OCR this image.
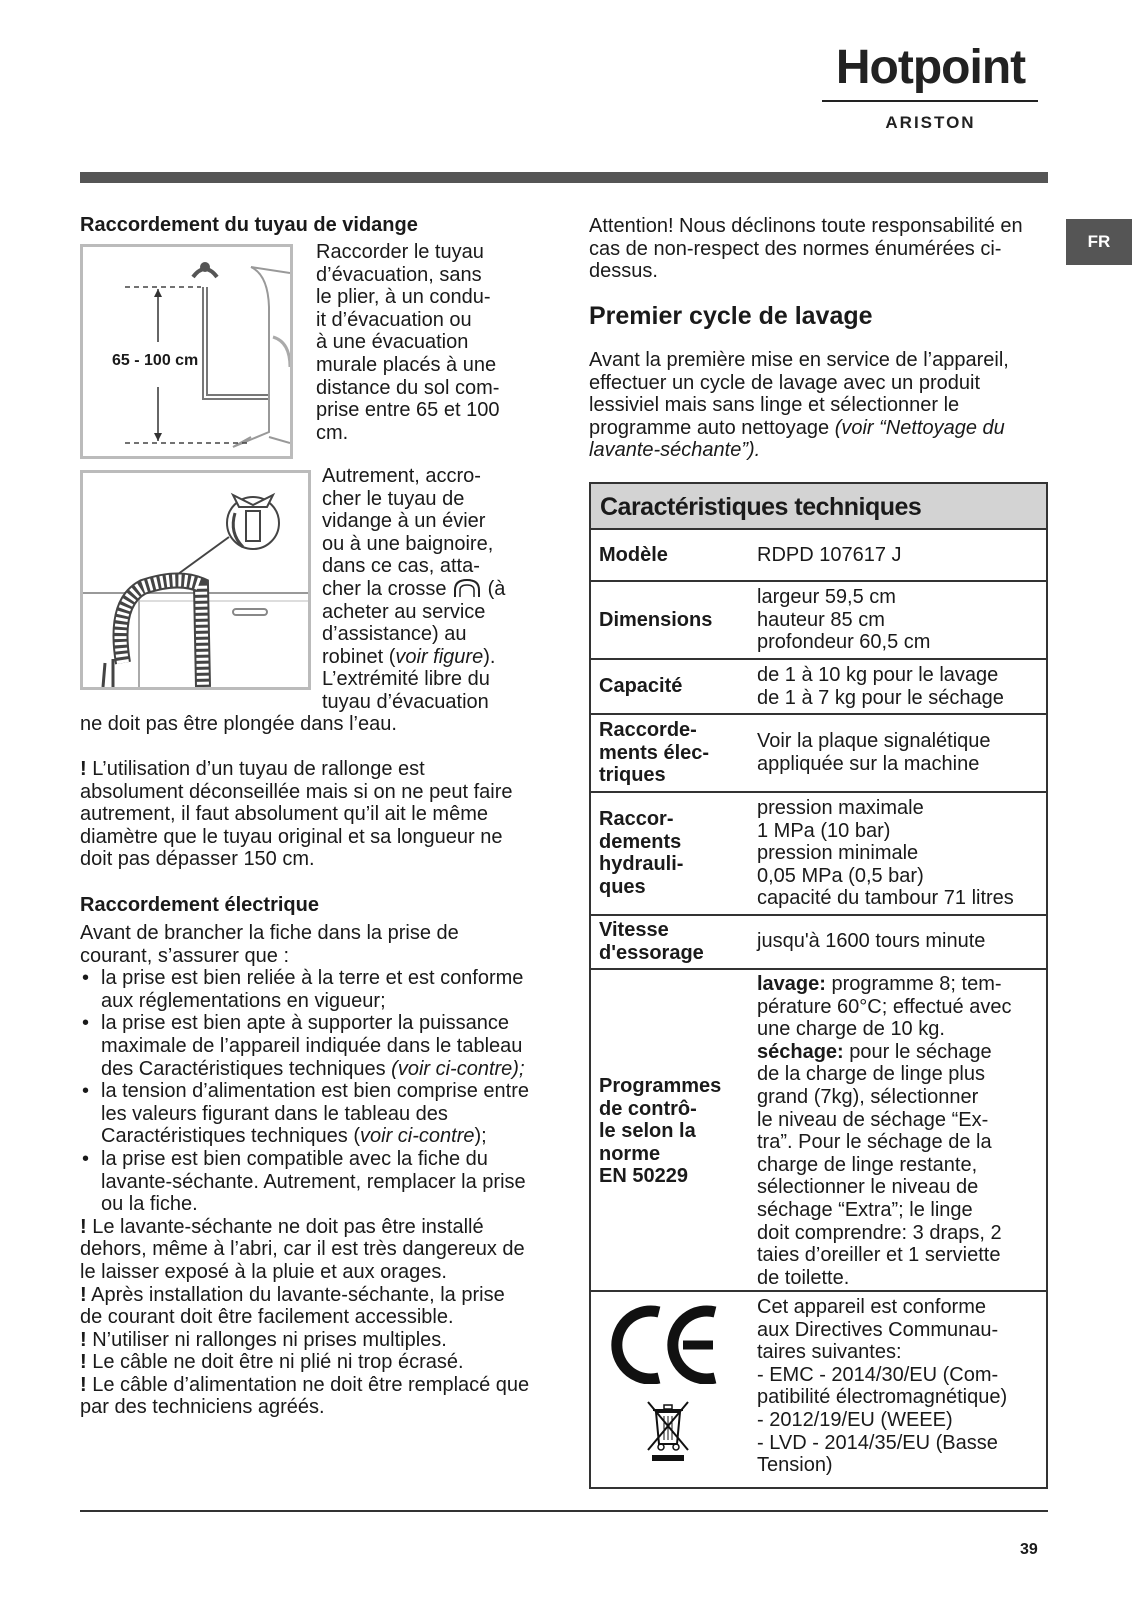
Hotpoint
ARISTON
FR
Raccordement du tuyau de vidange
65 - 100 cm
Raccorder le tuyau
d’évacuation, sans
le plier, à un condu-
it d’évacuation ou
à une évacuation
murale placés à une
distance du sol com-
prise entre 65 et 100
cm.
Autrement, accro-
cher le tuyau de
vidange à un évier
ou à une baignoire,
dans ce cas, atta-
cher la crosse  (à
acheter au service
d’assistance) au
robinet (voir figure).
L’extrémité libre du
tuyau d’évacuation
ne doit pas être plongée dans l’eau.
! L’utilisation d’un tuyau de rallonge est absolument déconseillée mais si on ne peut faire autrement, il faut absolument qu’il ait le même diamètre que le tuyau original et sa longueur ne doit pas dépasser 150 cm.
Raccordement électrique
Avant de brancher la fiche dans la prise de courant, s’assurer que :
• la prise est bien reliée à la terre et est conforme aux réglementations en vigueur;
• la prise est bien apte à supporter la puissance maximale de l’appareil indiquée dans le tableau des Caractéristiques techniques (voir ci-contre);
• la tension d’alimentation est bien comprise entre les valeurs figurant dans le tableau des Caractéristiques techniques (voir ci-contre);
• la prise est bien compatible avec la fiche du lavante-séchante. Autrement, remplacer la prise ou la fiche.
! Le lavante-séchante ne doit pas être installé dehors, même à l’abri, car il est très dangereux de le laisser exposé à la pluie et aux orages.
! Après installation du lavante-séchante, la prise de courant doit être facilement accessible.
! N’utiliser ni rallonges ni prises multiples.
! Le câble ne doit être ni plié ni trop écrasé.
! Le câble d’alimentation ne doit être remplacé que par des techniciens agréés.
Attention! Nous déclinons toute responsabilité en cas de non-respect des normes énumérées ci-dessus.
Premier cycle de lavage
Avant la première mise en service de l’appareil, effectuer un cycle de lavage avec un produit lessiviel mais sans linge et sélectionner le programme auto nettoyage (voir “Nettoyage du lavante-séchante”).
Caractéristiques techniques
Modèle	RDPD 107617 J
Dimensions
largeur 59,5 cm
hauteur 85 cm
profondeur 60,5 cm
Capacité	de 1 à 10 kg pour le lavage
de 1 à 7 kg pour le séchage
Raccorde-
ments élec-
triques
Voir la plaque signalétique
appliquée sur la machine
Raccor-
dements
hydrauli-
ques
pression maximale
1 MPa (10 bar)
pression minimale
0,05 MPa (0,5 bar)
capacité du tambour 71 litres
Vitesse
d'essorage
jusqu'à 1600 tours minute
Programmes
de contrô-
le selon la
norme
EN 50229
lavage: programme 8; tem-
pérature 60°C; effectué avec
une charge de 10 kg.
séchage: pour le séchage
de la charge de linge plus
grand (7kg), sélectionner
le niveau de séchage “Ex-
tra”. Pour le séchage de la
charge de linge restante,
sélectionner le niveau de
séchage “Extra”; le linge
doit comprendre: 3 draps, 2
taies d’oreiller et 1 serviette
de toilette.
Cet appareil est conforme
aux Directives Communau-
taires suivantes:
- EMC - 2014/30/EU (Com-
patibilité électromagnétique)
- 2012/19/EU (WEEE)
- LVD - 2014/35/EU (Basse
Tension)
39
